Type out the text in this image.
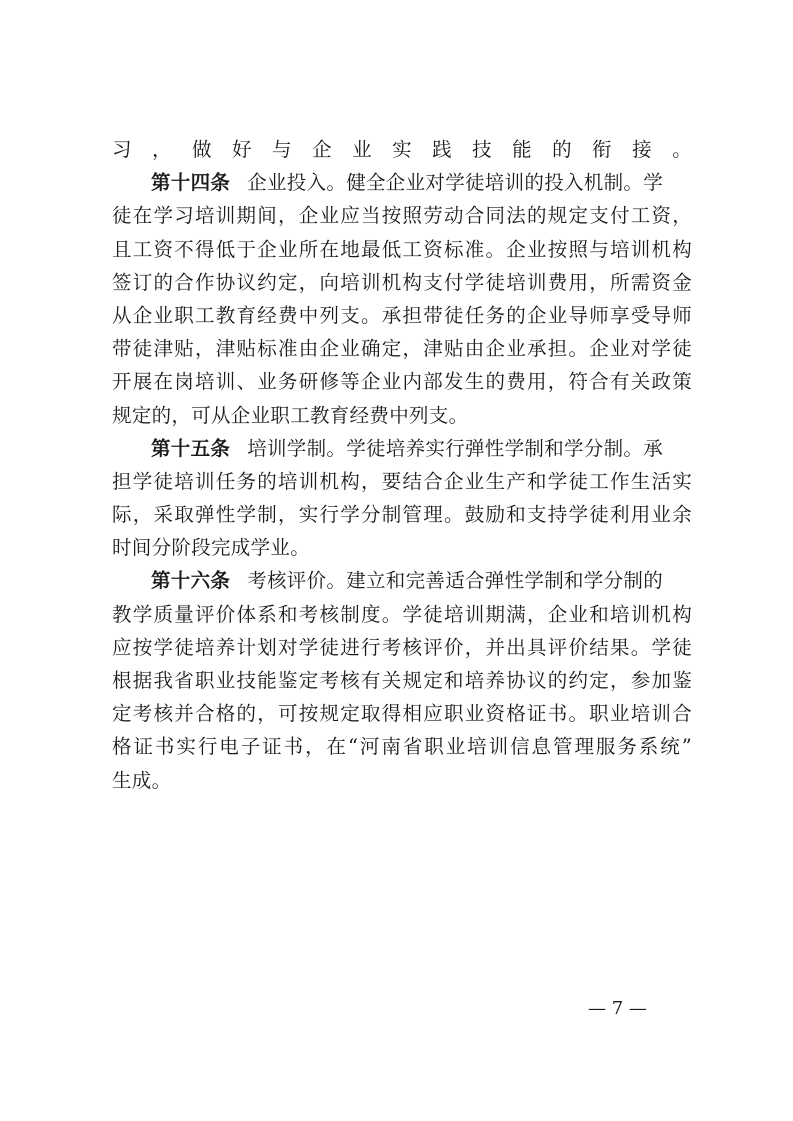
习，做好与企业实践技能的衔接。
第十四条 企业投入。健全企业对学徒培训的投入机制。学
徒在学习培训期间，企业应当按照劳动合同法的规定支付工资，
且工资不得低于企业所在地最低工资标准。企业按照与培训机构
签订的合作协议约定，向培训机构支付学徒培训费用，所需资金
从企业职工教育经费中列支。承担带徒任务的企业导师享受导师
带徒津贴，津贴标准由企业确定，津贴由企业承担。企业对学徒
开展在岗培训、业务研修等企业内部发生的费用，符合有关政策
规定的，可从企业职工教育经费中列支。
第十五条 培训学制。学徒培养实行弹性学制和学分制。承
担学徒培训任务的培训机构，要结合企业生产和学徒工作生活实
际，采取弹性学制，实行学分制管理。鼓励和支持学徒利用业余
时间分阶段完成学业。
第十六条 考核评价。建立和完善适合弹性学制和学分制的
教学质量评价体系和考核制度。学徒培训期满，企业和培训机构
应按学徒培养计划对学徒进行考核评价，并出具评价结果。学徒
根据我省职业技能鉴定考核有关规定和培养协议的约定，参加鉴
定考核并合格的，可按规定取得相应职业资格证书。职业培训合
格证书实行电子证书，在“河南省职业培训信息管理服务系统”
生成。
— 7 —
